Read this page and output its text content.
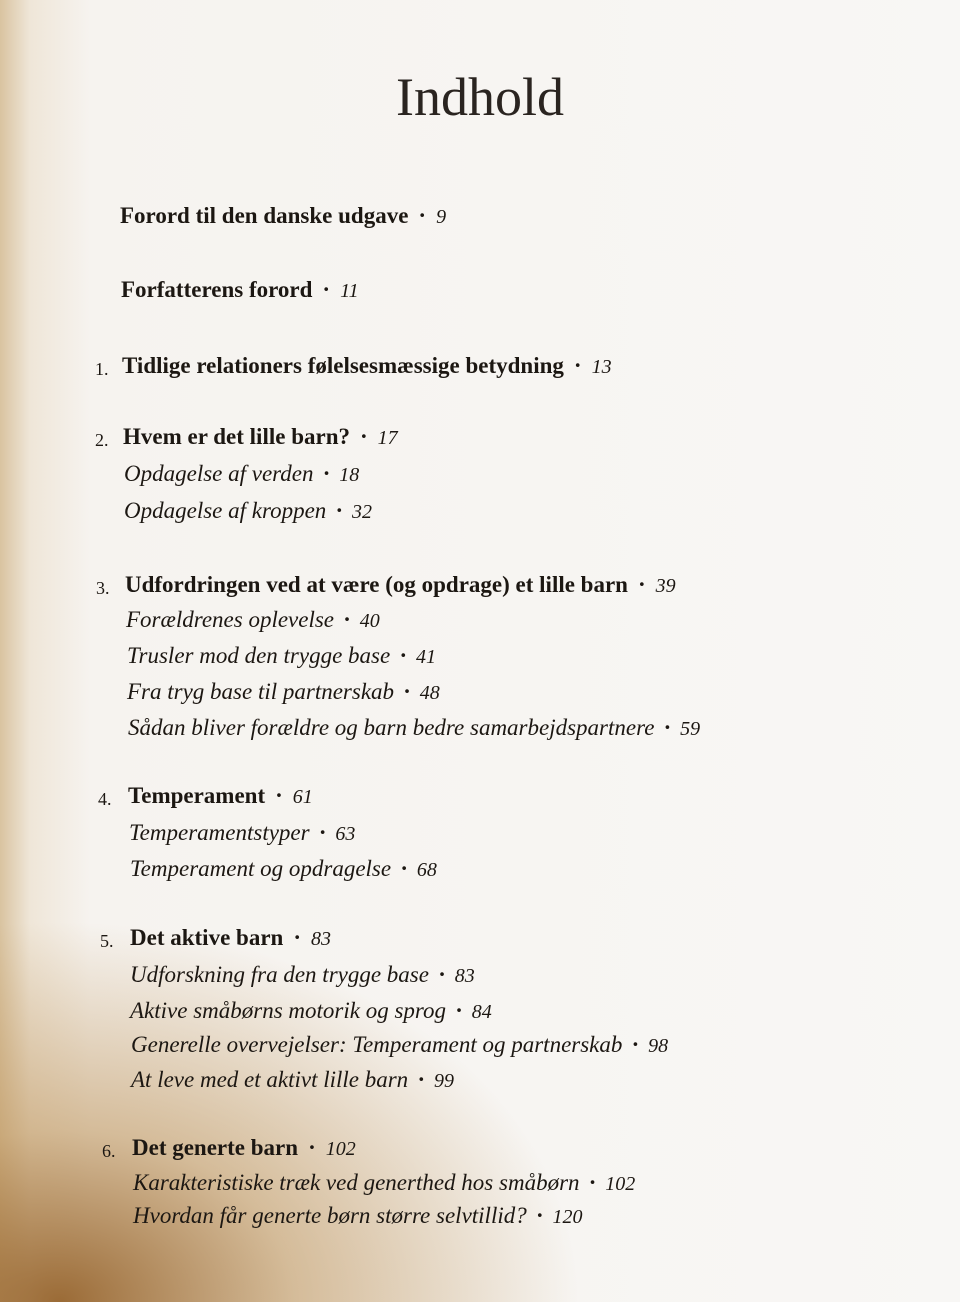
Indhold
Forord til den danske udgave · 9
Forfatterens forord · 11
1. Tidlige relationers følelsesmæssige betydning · 13
2. Hvem er det lille barn? · 17
Opdagelse af verden · 18
Opdagelse af kroppen · 32
3. Udfordringen ved at være (og opdrage) et lille barn · 39
Forældrenes oplevelse · 40
Trusler mod den trygge base · 41
Fra tryg base til partnerskab · 48
Sådan bliver forældre og barn bedre samarbejdspartnere · 59
4. Temperament · 61
Temperamentstyper · 63
Temperament og opdragelse · 68
5. Det aktive barn · 83
Udforskning fra den trygge base · 83
Aktive småbørns motorik og sprog · 84
Generelle overvejelser: Temperament og partnerskab · 98
At leve med et aktivt lille barn · 99
6. Det generte barn · 102
Karakteristiske træk ved generthed hos småbørn · 102
Hvordan får generte børn større selvtillid? · 120
